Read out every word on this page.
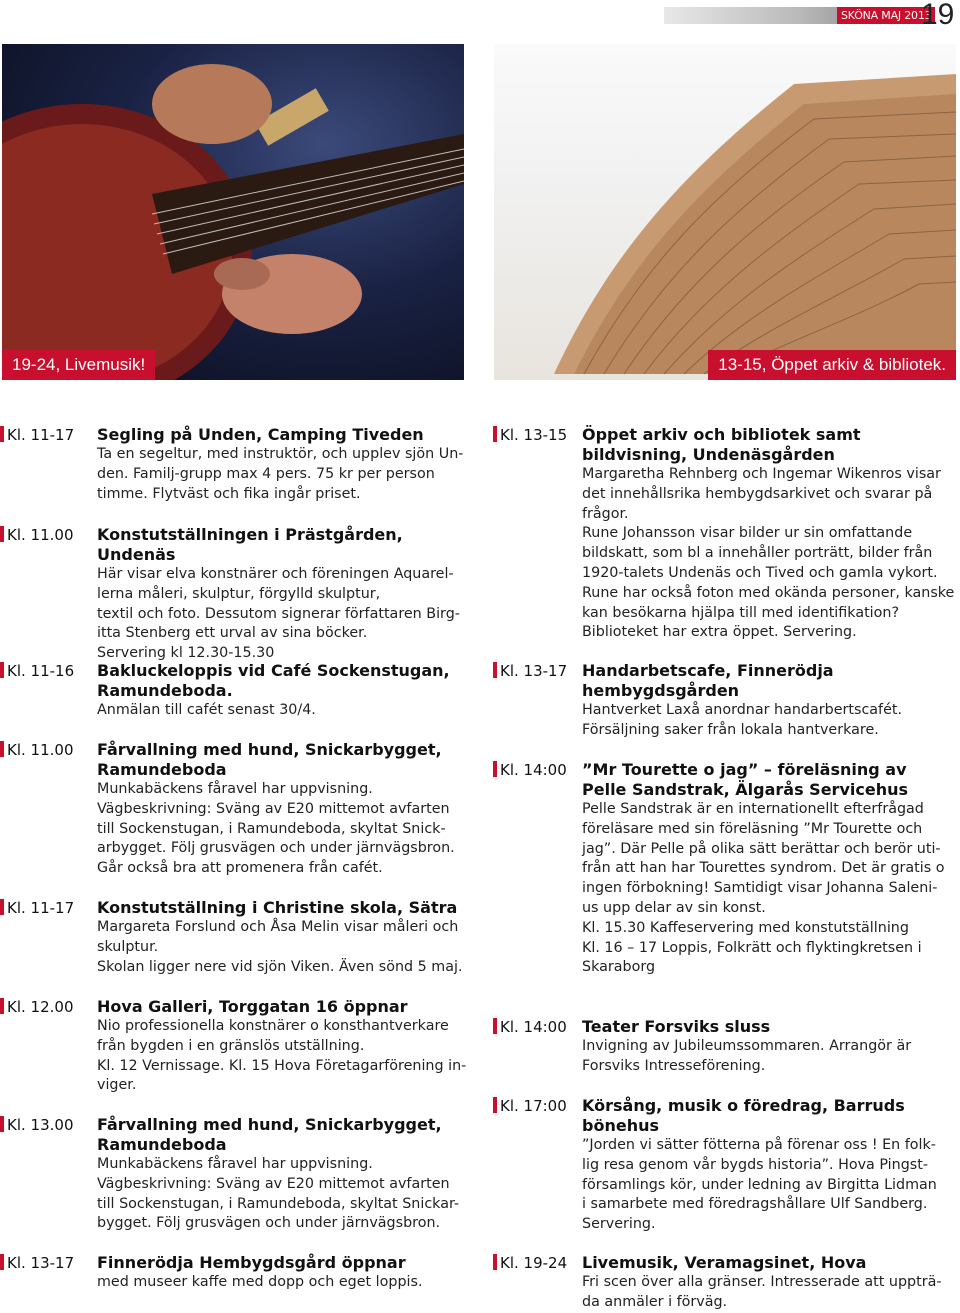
SKÖNA MAJ 2013
19
19-24, Livemusik!	13-15, Öppet arkiv & bibliotek.
Kl. 11-17 Segling på Unden, Camping Tiveden

Ta en segeltur, med instruktör, och upplev sjön Un-

den. Familj-grupp max 4 pers. 75 kr per person

timme. Flytväst och fika ingår priset.

Kl. 11.00 Konstutställningen i Prästgården, Undenäs

Här visar elva konstnärer och föreningen Aquarel-

lerna måleri, skulptur, förgylld skulptur,

textil och foto. Dessutom signerar författaren Birg-

itta Stenberg ett urval av sina böcker.

Servering kl 12.30-15.30

Kl. 11-16 Bakluckeloppis vid Café Sockenstugan, Ramundeboda.

Anmälan till cafét senast 30/4.

Kl. 11.00 Fårvallning med hund, Snickarbygget, Ramundeboda

Munkabäckens fåravel har uppvisning.

Vägbeskrivning: Sväng av E20 mittemot avfarten

till Sockenstugan, i Ramundeboda, skyltat Snick-

arbygget. Följ grusvägen och under järnvägsbron.

Går också bra att promenera från cafét.

Kl. 11-17 Konstutställning i Christine skola, Sätra

Margareta Forslund och Åsa Melin visar måleri och

skulptur.

Skolan ligger nere vid sjön Viken. Även sönd 5 maj.

Kl. 12.00 Hova Galleri, Torggatan 16 öppnar

Nio professionella konstnärer o konsthantverkare

från bygden i en gränslös utställning.

Kl. 12 Vernissage. Kl. 15 Hova Företagarförening in-

viger.

Kl. 13.00 Fårvallning med hund, Snickarbygget, Ramundeboda

Munkabäckens fåravel har uppvisning.

Vägbeskrivning: Sväng av E20 mittemot avfarten

till Sockenstugan, i Ramundeboda, skyltat Snickar-

bygget. Följ grusvägen och under järnvägsbron.

Kl. 13-17 Finnerödja Hembygdsgård öppnar

med museer kaffe med dopp och eget loppis.

Kl. 13-15 Öppet arkiv och bibliotek samt bildvisning, Undenäsgården

Margaretha Rehnberg och Ingemar Wikenros visar

det innehållsrika hembygdsarkivet och svarar på

frågor.

Rune Johansson visar bilder ur sin omfattande

bildskatt, som bl a innehåller porträtt, bilder från

1920-talets Undenäs och Tived och gamla vykort.

Rune har också foton med okända personer, kanske

kan besökarna hjälpa till med identifikation?

Biblioteket har extra öppet. Servering.

Kl. 13-17 Handarbetscafe, Finnerödja hembygdsgården

Hantverket Laxå anordnar handarbertscafét.

Försäljning saker från lokala hantverkare.

Kl. 14:00 ”Mr Tourette o jag” – föreläsning av Pelle Sandstrak, Älgarås Servicehus

Pelle Sandstrak är en internationellt efterfrågad

föreläsare med sin föreläsning ”Mr Tourette och

jag”. Där Pelle på olika sätt berättar och berör uti-

från att han har Tourettes syndrom. Det är gratis o

ingen förbokning! Samtidigt visar Johanna Saleni-

us upp delar av sin konst.

Kl. 15.30 Kaffeservering med konstutställning

Kl. 16 – 17 Loppis, Folkrätt och flyktingkretsen i

Skaraborg

Kl. 14:00 Teater Forsviks sluss

Invigning av Jubileumssommaren. Arrangör är

Forsviks Intresseförening.

Kl. 17:00 Körsång, musik o föredrag, Barruds bönehus

”Jorden vi sätter fötterna på förenar oss ! En folk-

lig resa genom vår bygds historia”. Hova Pingst-

församlings kör, under ledning av Birgitta Lidman

i samarbete med föredragshållare Ulf Sandberg.

Servering.

Kl. 19-24 Livemusik, Veramagsinet, Hova

Fri scen över alla gränser. Intresserade att uppträ-

da anmäler i förväg.
